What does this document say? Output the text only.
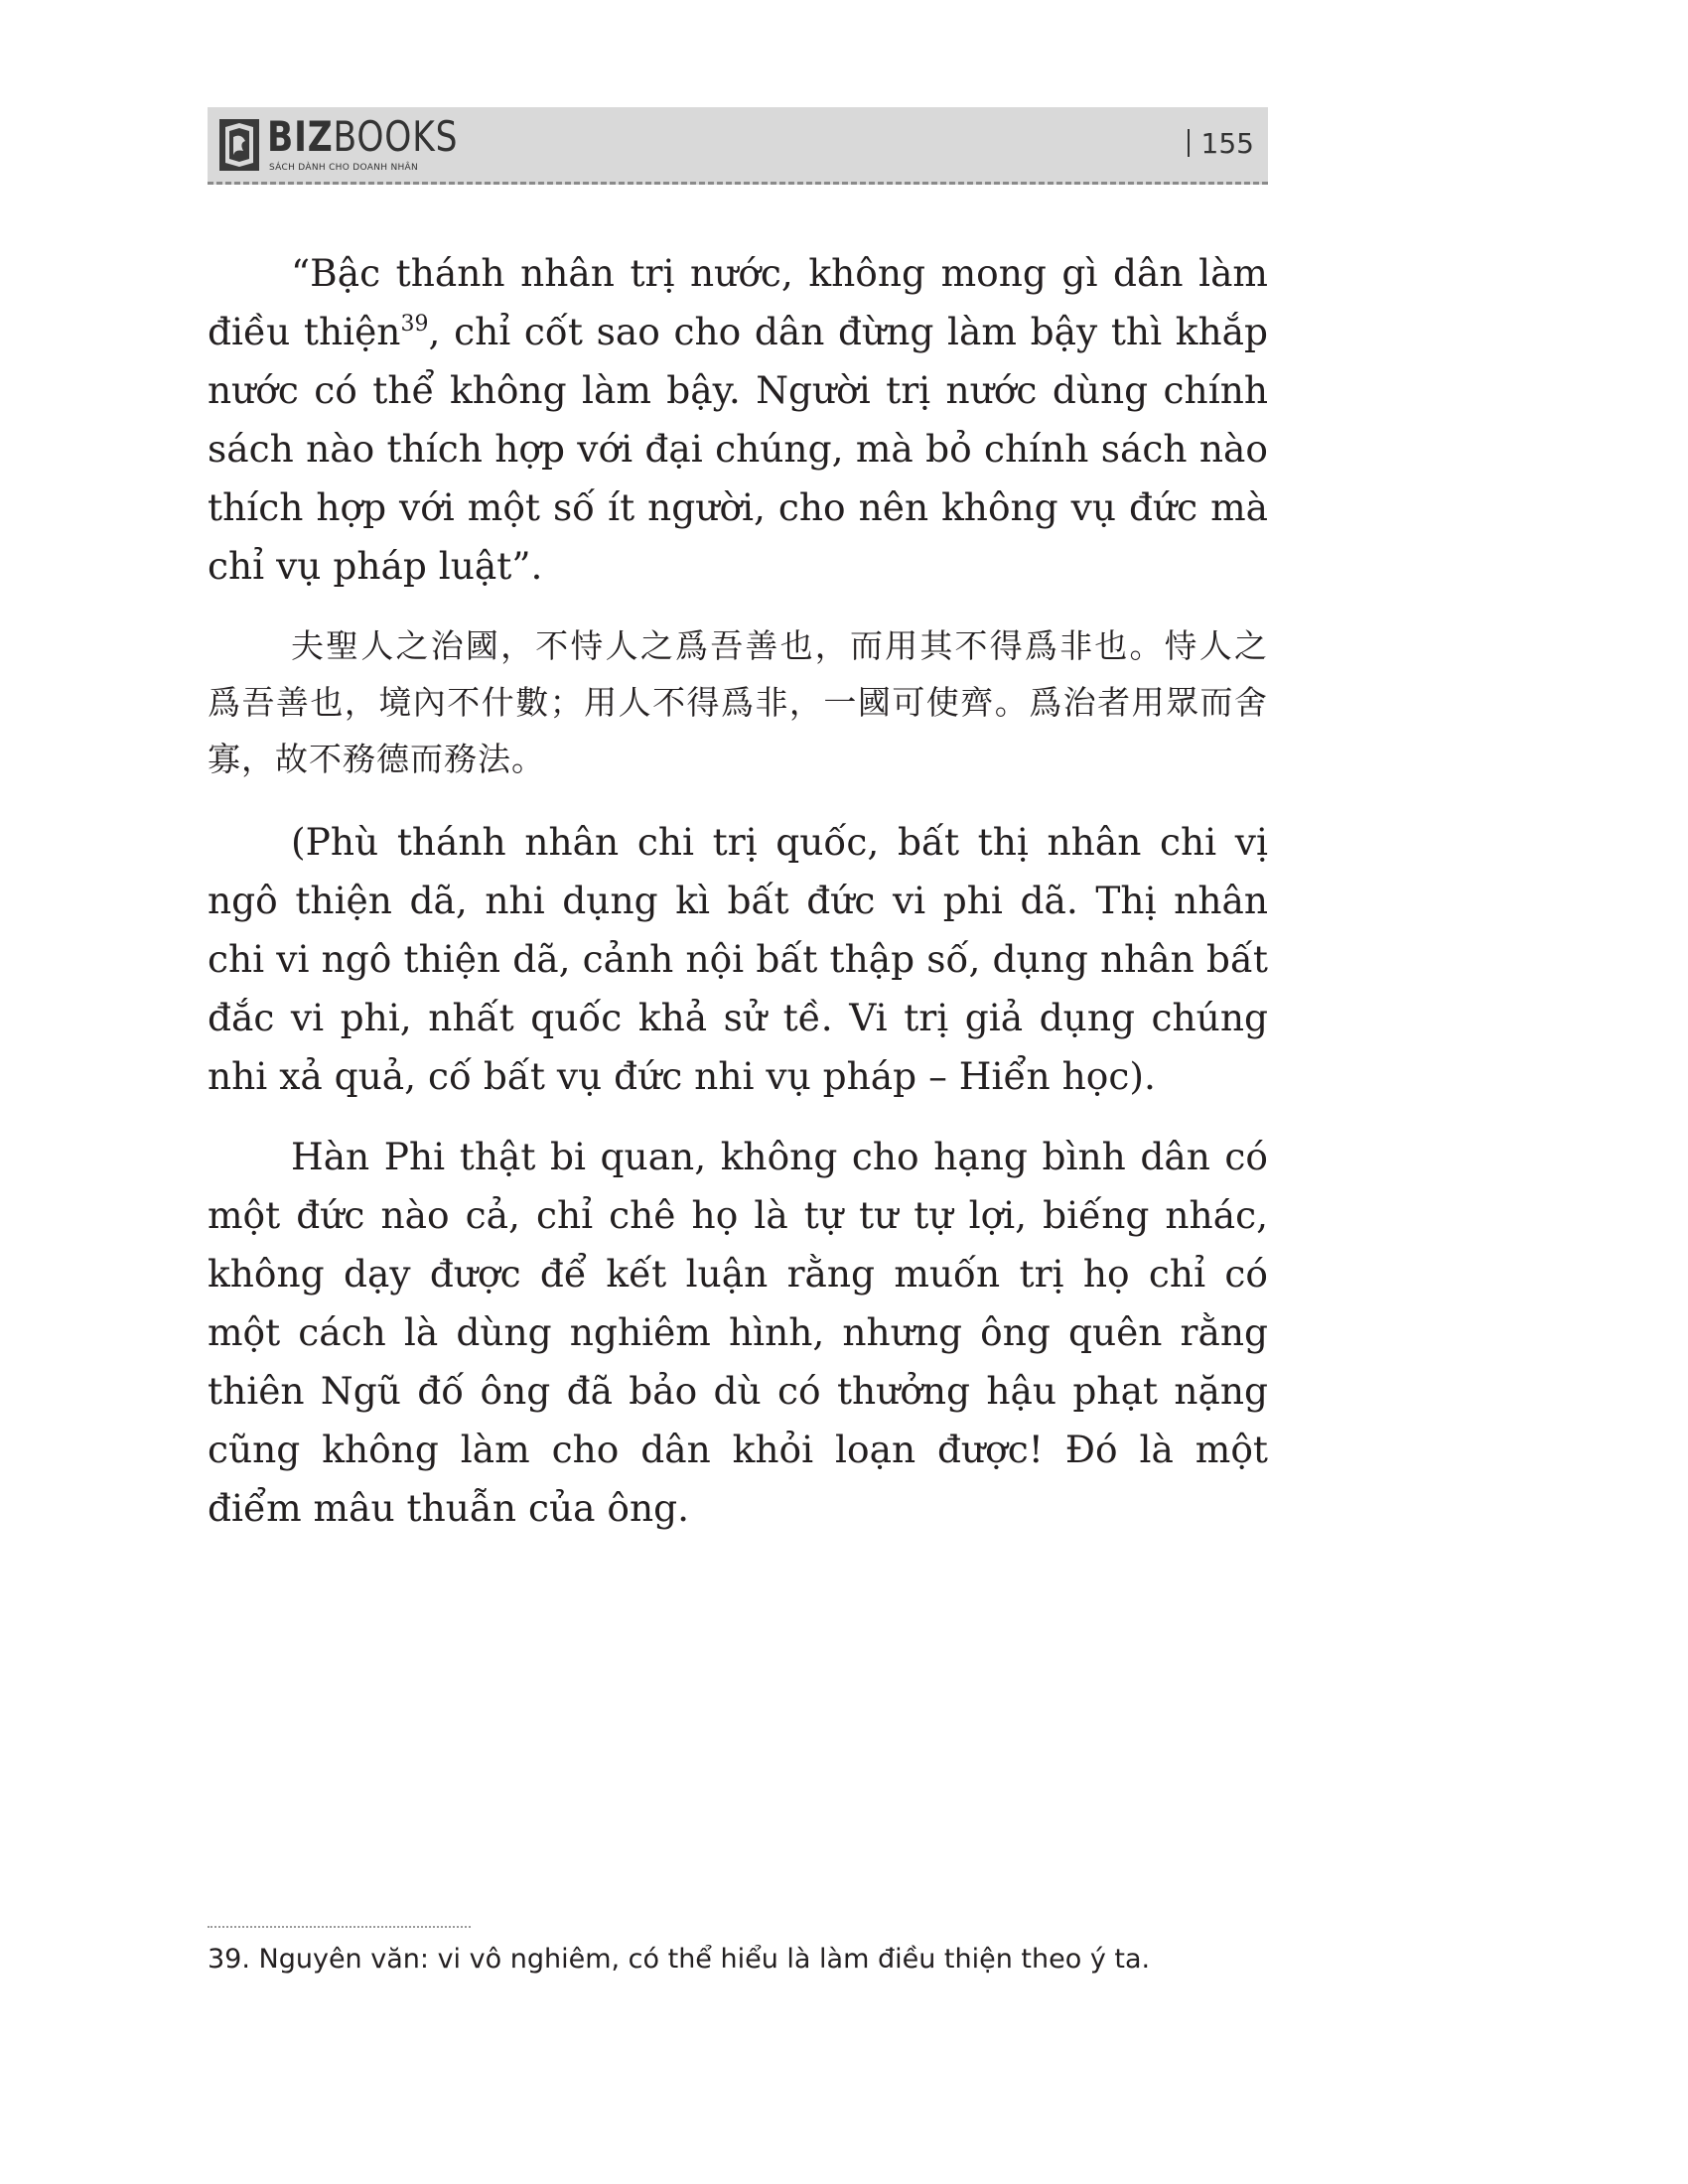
BIZBOOKS
SÁCH DÀNH CHO DOANH NHÂN
155

“Bậc thánh nhân trị nước, không mong gì dân làm điều thiện$^{39}$, chỉ cốt sao cho dân đừng làm bậy thì khắp nước có thể không làm bậy. Người trị nước dùng chính sách nào thích hợp với đại chúng, mà bỏ chính sách nào thích hợp với một số ít người, cho nên không vụ đức mà chỉ vụ pháp luật”.

夫聖人之治國，不恃人之爲吾善也，而用其不得爲非也。恃人之爲吾善也，境內不什數；用人不得爲非，一國可使齊。爲治者用眾而舍寡，故不務德而務法。

(Phù thánh nhân chi trị quốc, bất thị nhân chi vị ngô thiện dã, nhi dụng kì bất đức vi phi dã. Thị nhân chi vi ngô thiện dã, cảnh nội bất thập số, dụng nhân bất đắc vi phi, nhất quốc khả sử tề. Vi trị giả dụng chúng nhi xả quả, cố bất vụ đức nhi vụ pháp – Hiển học).

Hàn Phi thật bi quan, không cho hạng bình dân có một đức nào cả, chỉ chê họ là tự tư tự lợi, biếng nhác, không dạy được để kết luận rằng muốn trị họ chỉ có một cách là dùng nghiêm hình, nhưng ông quên rằng thiên Ngũ đố ông đã bảo dù có thưởng hậu phạt nặng cũng không làm cho dân khỏi loạn được! Đó là một điểm mâu thuẫn của ông.

39. Nguyên văn: vi vô nghiêm, có thể hiểu là làm điều thiện theo ý ta.
